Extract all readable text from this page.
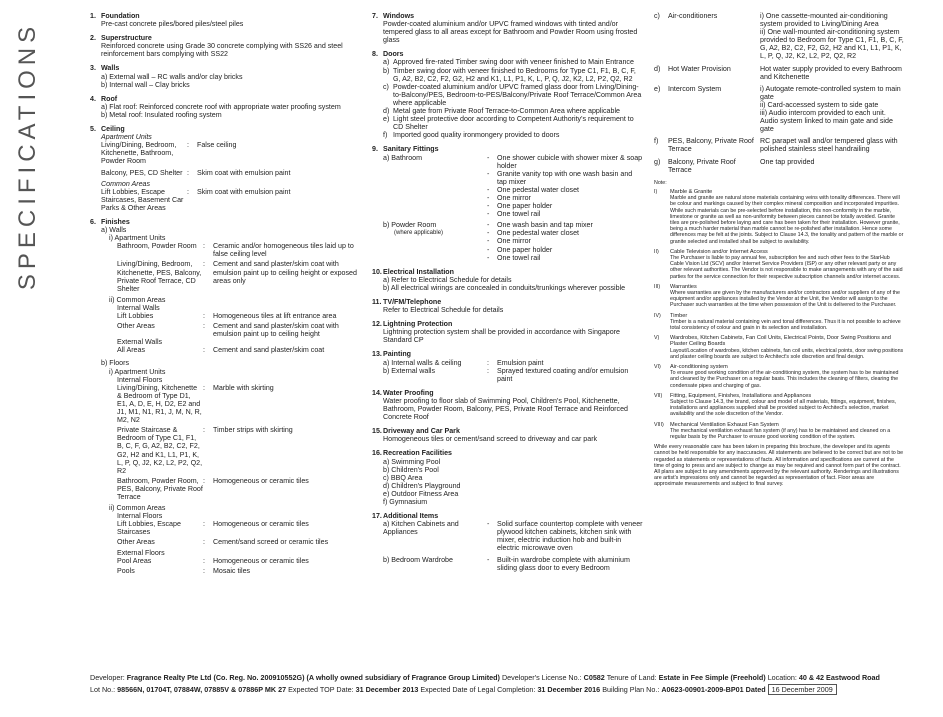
SPECIFICATIONS
1. Foundation
Pre-cast concrete piles/bored piles/steel piles
2. Superstructure
Reinforced concrete using Grade 30 concrete complying with SS26 and steel reinforcement bars complying with SS22
3. Walls
a) External wall – RC walls and/or clay bricks
b) Internal wall – Clay bricks
4. Roof
a) Flat roof: Reinforced concrete roof with appropriate water proofing system
b) Metal roof: Insulated roofing system
5. Ceiling
Apartment Units
Living/Dining, Bedroom, Kitchenette, Bathroom, Powder Room
:	False ceiling
Balcony, PES, CD Shelter :	Skim coat with emulsion paint
Common Areas
Lift Lobbies, Escape Staircases, Basement Car Parks & Other Areas
:	Skim coat with emulsion paint
6. Finishes
a) Walls
i) Apartment Units
Bathroom, Powder Room :	Ceramic and/or homogeneous tiles laid up to false ceiling level
Living/Dining, Bedroom, Kitchenette, PES, Balcony, Private Roof Terrace, CD Shelter
:	Cement and sand plaster/skim coat with emulsion paint up to ceiling height or exposed areas only
ii) Common Areas
Internal Walls
Lift Lobbies	:	Homogeneous tiles at lift entrance area
Other Areas	:	Cement and sand plaster/skim coat with emulsion paint up to ceiling height
External Walls
All Areas	:	Cement and sand plaster/skim coat
b) Floors
i) Apartment Units
Internal Floors
Living/Dining, Kitchenette & Bedroom of Type D1, E1, A, D, E, H, D2, E2 and J1, M1, N1, R1, J, M, N, R, M2, N2
:	Marble with skirting
Private Staircase & Bedroom of Type C1, F1, B, C, F, G, A2, B2, C2, F2, G2, H2 and K1, L1, P1, K, L, P, Q, J2, K2, L2, P2, Q2, R2
:	Timber strips with skirting
Bathroom, Powder Room, PES, Balcony, Private Roof Terrace
:	Homogeneous or ceramic tiles
ii) Common Areas
Internal Floors
Lift Lobbies, Escape Staircases
:	Homogeneous or ceramic tiles
Other Areas	:	Cement/sand screed or ceramic tiles
External Floors
Pool Areas	:	Homogeneous or ceramic tiles
Pools	:	Mosaic tiles
7. Windows
Powder-coated aluminium and/or UPVC framed windows with tinted and/or tempered glass to all areas except for Bathroom and Powder Room using frosted glass
8. Doors
a) Approved fire-rated Timber swing door with veneer finished to Main Entrance
b) Timber swing door with veneer finished to Bedrooms for Type C1, F1, B, C, F, G, A2, B2, C2, F2, G2, H2 and K1, L1, P1, K, L, P, Q, J2, K2, L2, P2, Q2, R2
c) Powder-coated aluminium and/or UPVC framed glass door from Living/Dining-to-Balcony/PES, Bedroom-to-PES/Balcony/Private Roof Terrace/Common Area where applicable
d) Metal gate from Private Roof Terrace-to-Common Area where applicable
e) Light steel protective door according to Competent Authority's requirement to CD Shelter
f) Imported good quality ironmongery provided to doors
9. Sanitary Fittings
a) Bathroom	-	One shower cubicle with shower mixer & soap holder
-	Granite vanity top with one wash basin and tap mixer
-	One pedestal water closet
-	One mirror
-	One paper holder
-	One towel rail
b) Powder Room
(where applicable)
-	One wash basin and tap mixer
-	One pedestal water closet
-	One mirror
-	One paper holder
-	One towel rail
10. Electrical Installation
a) Refer to Electrical Schedule for details
b) All electrical wirings are concealed in conduits/trunkings wherever possible
11. TV/FM/Telephone
Refer to Electrical Schedule for details
12. Lightning Protection
Lightning protection system shall be provided in accordance with Singapore Standard CP
13. Painting
a) Internal walls & ceiling	:	Emulsion paint
b) External walls	:	Sprayed textured coating and/or emulsion paint
14. Water Proofing
Water proofing to floor slab of Swimming Pool, Children's Pool, Kitchenette, Bathroom, Powder Room, Balcony, PES, Private Roof Terrace and Reinforced Concrete Roof
15. Driveway and Car Park
Homogeneous tiles or cement/sand screed to driveway and car park
16. Recreation Facilities
a) Swimming Pool
b) Children's Pool
c) BBQ Area
d) Children's Playground
e) Outdoor Fitness Area
f) Gymnasium
17. Additional Items
a) Kitchen Cabinets and Appliances
-	Solid surface countertop complete with veneer plywood kitchen cabinets, kitchen sink with mixer, electric induction hob and built-in electric microwave oven
b) Bedroom Wardrobe	-	Built-in wardrobe complete with aluminium sliding glass door to every Bedroom
c)	Air-conditioners	i) One cassette-mounted air-conditioning system provided to Living/Dining Area
ii) One wall-mounted air-conditioning system provided to Bedroom for Type C1, F1, B, C, F, G, A2, B2, C2, F2, G2, H2 and K1, L1, P1, K, L, P, Q, J2, K2, L2, P2, Q2, R2
d)	Hot Water Provision	Hot water supply provided to every Bathroom and Kitchenette
e)	Intercom System	i) Autogate remote-controlled system to main gate
ii) Card-accessed system to side gate
iii) Audio intercom provided to each unit. Audio system linked to main gate and side gate
f)	PES, Balcony, Private Roof Terrace
RC parapet wall and/or tempered glass with polished stainless steel handrailing
g)	Balcony, Private Roof Terrace
One tap provided
Note:
I)	Marble & Granite
Marble and granite are natural stone materials containing veins with tonality differences. There will be colour and markings caused by their complex mineral composition and incorporated impurities. While such materials can be pre-selected before installation, this non-conformity in the marble, limestone or granite as well as non-uniformity between pieces cannot be totally avoided. Granite tiles are pre-polished before laying and care has been taken for their installation. However granite, being a much harder material than marble cannot be re-polished after installation. Hence some differences may be felt at the joints. Subject to Clause 14.3, the tonality and pattern of the marble or granite selected and installed shall be subject to availability.
II)	Cable Television and/or Internet Access
The Purchaser is liable to pay annual fee, subscription fee and such other fees to the StarHub Cable Vision Ltd (SCV) and/or Internet Service Providers (ISP) or any other relevant party or any other relevant authorities. The Vendor is not responsible to make arrangements with any of the said parties for the service connection for their respective subscription channels and/or internet access.
III)	Warranties
Where warranties are given by the manufacturers and/or contractors and/or suppliers of any of the equipment and/or appliances installed by the Vendor at the Unit, the Vendor will assign to the Purchaser such warranties at the time when possession of the Unit is delivered to the Purchaser.
IV)	Timber
Timber is a natural material containing vein and tonal differences. Thus it is not possible to achieve total consistency of colour and grain in its selection and installation.
V)	Wardrobes, Kitchen Cabinets, Fan Coil Units, Electrical Points, Door Swing Positions and Plaster Ceiling Boards
Layout/Location of wardrobes, kitchen cabinets, fan coil units, electrical points, door swing positions and plaster ceiling boards are subject to Architect's sole discretion and final design.
VI)	Air-conditioning system
To ensure good working condition of the air-conditioning system, the system has to be maintained and cleaned by the Purchaser on a regular basis. This includes the cleaning of filters, clearing the condensate pipes and charging of gas.
VII)	Fitting, Equipment, Finishes, Installations and Appliances
Subject to Clause 14.3, the brand, colour and model of all materials, fittings, equipment, finishes, installations and appliances supplied shall be provided subject to Architect's selection, market availability and the sole discretion of the Vendor.
VIII)	Mechanical Ventilation Exhaust Fan System
The mechanical ventilation exhaust fan system (if any) has to be maintained and cleaned on a regular basis by the Purchaser to ensure good working condition of the system.
While every reasonable care has been taken in preparing this brochure, the developer and its agents cannot be held responsible for any inaccuracies. All statements are believed to be correct but are not to be regarded as statements or representations of facts. All information and specifications are current at the time of going to press and are subject to change as may be required and cannot form part of the contract. All plans are subject to any amendments approved by the relevant authority. Renderings and illustrations are artist's impressions only and cannot be regarded as representation of fact. Floor areas are approximate measurements and subject to final survey.
Developer: Fragrance Realty Pte Ltd (Co. Reg. No. 200910552G) (A wholly owned subsidiary of Fragrance Group Limited) Developer's License No.: C0582 Tenure of Land: Estate in Fee Simple (Freehold) Location: 40 & 42 Eastwood Road
Lot No.: 98566N, 01704T, 07884W, 07885V & 07886P MK 27 Expected TOP Date: 31 December 2013 Expected Date of Legal Completion: 31 December 2016 Building Plan No.: A0623-00901-2009-BP01 Dated 16 December 2009
